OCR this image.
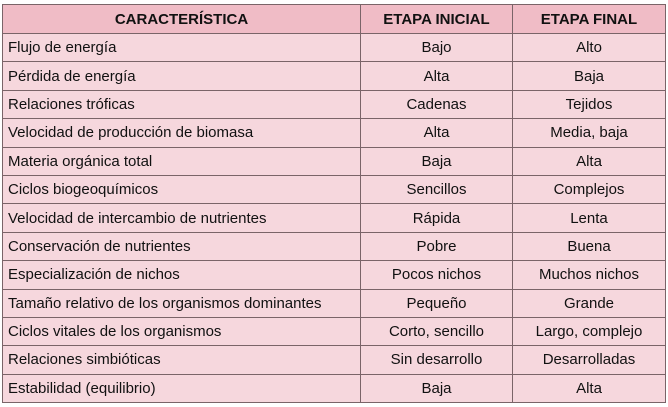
CARACTERÍSTICA	ETAPA INICIAL	ETAPA FINAL
Flujo de energía	Bajo	Alto
Pérdida de energía	Alta	Baja
Relaciones tróficas	Cadenas	Tejidos
Velocidad de producción de biomasa	Alta	Media, baja
Materia orgánica total	Baja	Alta
Ciclos biogeoquímicos	Sencillos	Complejos
Velocidad de intercambio de nutrientes	Rápida	Lenta
Conservación de nutrientes	Pobre	Buena
Especialización de nichos	Pocos nichos	Muchos nichos
Tamaño relativo de los organismos dominantes	Pequeño	Grande
Ciclos vitales de los organismos	Corto, sencillo	Largo, complejo
Relaciones simbióticas	Sin desarrollo	Desarrolladas
Estabilidad (equilibrio)	Baja	Alta
